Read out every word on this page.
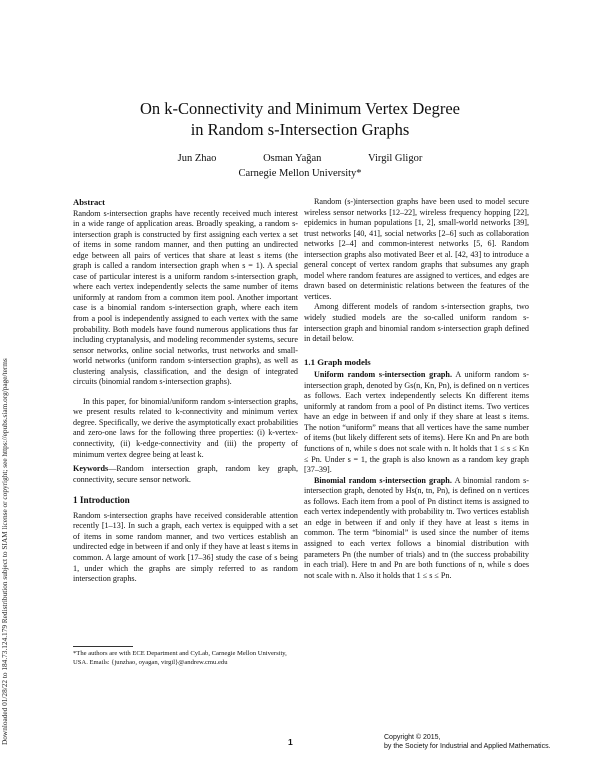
Downloaded 01/28/22 to 184.73.124.179 Redistribution subject to SIAM license or copyright; see https://epubs.siam.org/page/terms
On k-Connectivity and Minimum Vertex Degree
in Random s-Intersection Graphs
Jun Zhao	Osman Yağan	Virgil Gligor
Carnegie Mellon University*

Abstract

Random s-intersection graphs have recently received much interest in a wide range of application areas. Broadly speaking, a random s-intersection graph is constructed by first assigning each vertex a set of items in some random manner, and then putting an undirected edge between all pairs of vertices that share at least s items (the graph is called a random intersection graph when s = 1). A special case of particular interest is a uniform random s-intersection graph, where each vertex independently selects the same number of items uniformly at random from a common item pool. Another important case is a binomial random s-intersection graph, where each item from a pool is independently assigned to each vertex with the same probability. Both models have found numerous applications thus far including cryptanalysis, and modeling recommender systems, secure sensor networks, online social networks, trust networks and small-world networks (uniform random s-intersection graphs), as well as clustering analysis, classification, and the design of integrated circuits (binomial random s-intersection graphs).

In this paper, for binomial/uniform random s-intersection graphs, we present results related to k-connectivity and minimum vertex degree. Specifically, we derive the asymptotically exact probabilities and zero-one laws for the following three properties: (i) k-vertex-connectivity, (ii) k-edge-connectivity and (iii) the property of minimum vertex degree being at least k.

Keywords—Random intersection graph, random key graph, connectivity, secure sensor network.

1 Introduction

Random s-intersection graphs have received considerable attention recently [1–13]. In such a graph, each vertex is equipped with a set of items in some random manner, and two vertices establish an undirected edge in between if and only if they have at least s items in common. A large amount of work [17–36] study the case of s being 1, under which the graphs are simply referred to as random intersection graphs.

*The authors are with ECE Department and CyLab, Carnegie Mellon University, USA. Emails: {junzhao, oyagan, virgil}@andrew.cmu.edu

Random (s-)intersection graphs have been used to model secure wireless sensor networks [12–22], wireless frequency hopping [22], epidemics in human populations [1, 2], small-world networks [39], trust networks [40, 41], social networks [2–6] such as collaboration networks [2–4] and common-interest networks [5, 6]. Random intersection graphs also motivated Beer et al. [42, 43] to introduce a general concept of vertex random graphs that subsumes any graph model where random features are assigned to vertices, and edges are drawn based on deterministic relations between the features of the vertices.

Among different models of random s-intersection graphs, two widely studied models are the so-called uniform random s-intersection graph and binomial random s-intersection graph defined in detail below.

1.1 Graph models

Uniform random s-intersection graph. A uniform random s-intersection graph, denoted by Gs(n, Kn, Pn), is defined on n vertices as follows. Each vertex independently selects Kn different items uniformly at random from a pool of Pn distinct items. Two vertices have an edge in between if and only if they share at least s items. The notion “uniform” means that all vertices have the same number of items (but likely different sets of items). Here Kn and Pn are both functions of n, while s does not scale with n. It holds that 1 ≤ s ≤ Kn ≤ Pn. Under s = 1, the graph is also known as a random key graph [37–39].

Binomial random s-intersection graph. A binomial random s-intersection graph, denoted by Hs(n, tn, Pn), is defined on n vertices as follows. Each item from a pool of Pn distinct items is assigned to each vertex independently with probability tn. Two vertices establish an edge in between if and only if they have at least s items in common. The term “binomial” is used since the number of items assigned to each vertex follows a binomial distribution with parameters Pn (the number of trials) and tn (the success probability in each trial). Here tn and Pn are both functions of n, while s does not scale with n. Also it holds that 1 ≤ s ≤ Pn.

1	Copyright © 2015,
by the Society for Industrial and Applied Mathematics.
